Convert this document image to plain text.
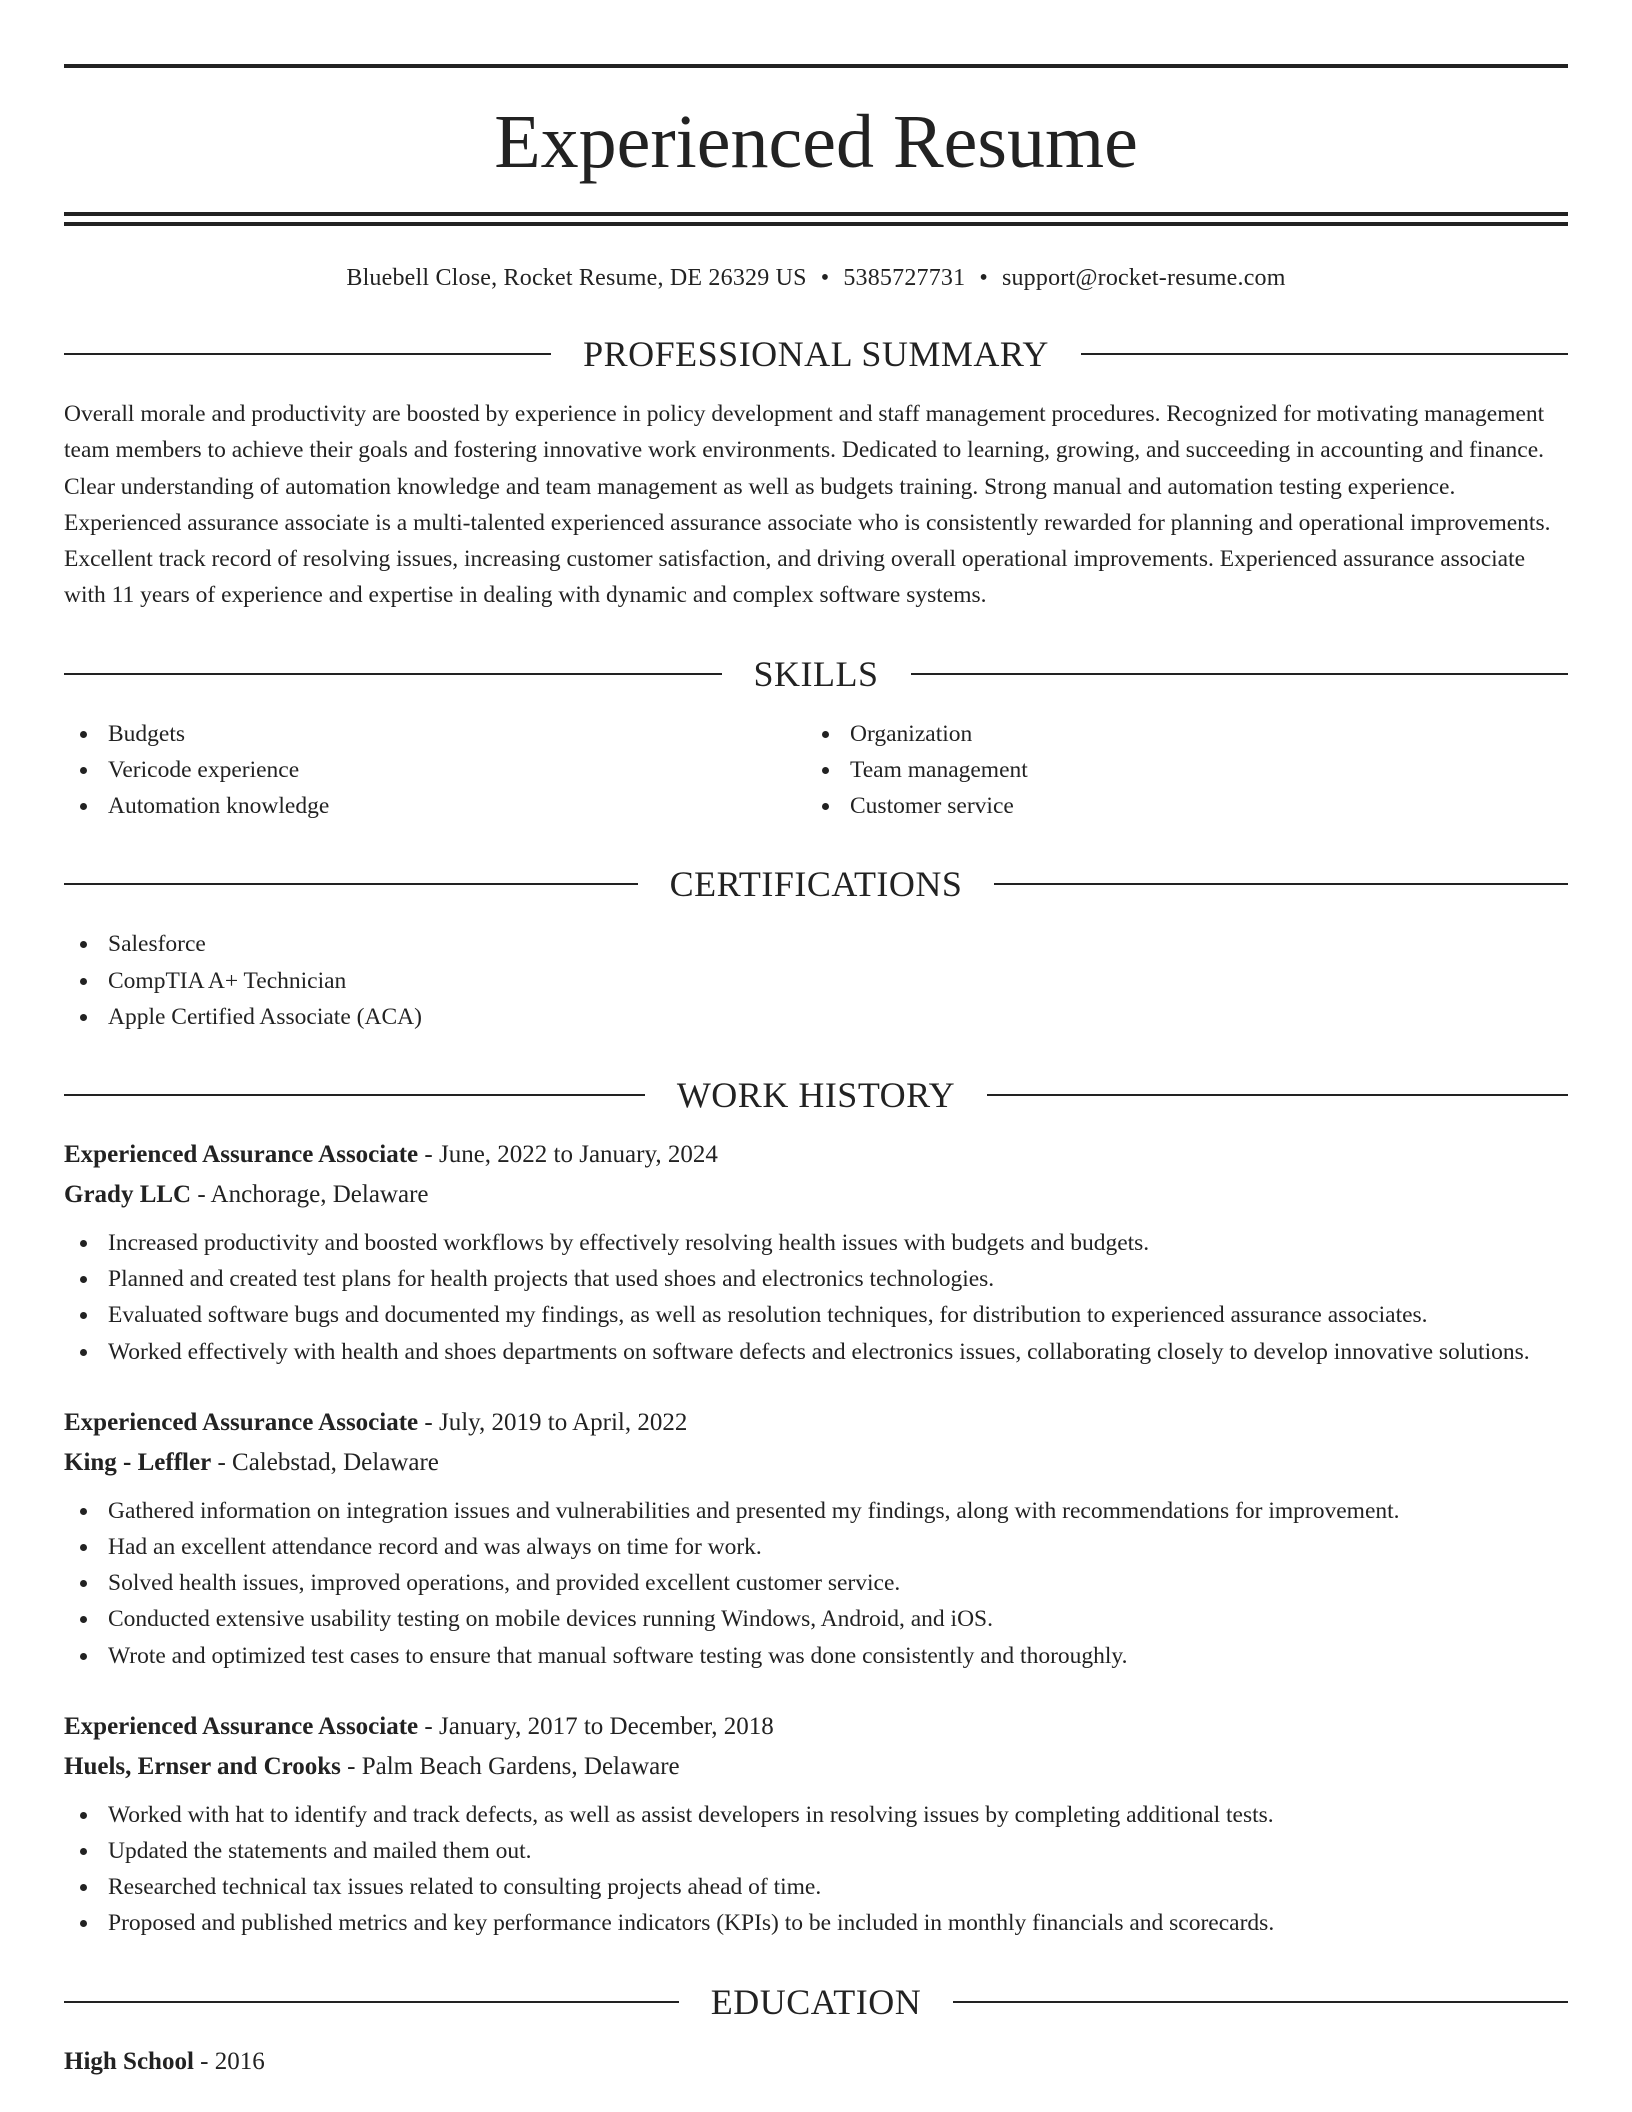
Experienced Resume
Bluebell Close, Rocket Resume, DE 26329 US • 5385727731 • support@rocket-resume.com
PROFESSIONAL SUMMARY

Overall morale and productivity are boosted by experience in policy development and staff management procedures. Recognized for motivating management team members to achieve their goals and fostering innovative work environments. Dedicated to learning, growing, and succeeding in accounting and finance. Clear understanding of automation knowledge and team management as well as budgets training. Strong manual and automation testing experience. Experienced assurance associate is a multi-talented experienced assurance associate who is consistently rewarded for planning and operational improvements. Excellent track record of resolving issues, increasing customer satisfaction, and driving overall operational improvements. Experienced assurance associate with 11 years of experience and expertise in dealing with dynamic and complex software systems.

SKILLS
Budgets
Vericode experience
Automation knowledge
Organization
Team management
Customer service
CERTIFICATIONS
Salesforce
CompTIA A+ Technician
Apple Certified Associate (ACA)
WORK HISTORY
Experienced Assurance Associate - June, 2022 to January, 2024
Grady LLC - Anchorage, Delaware
Increased productivity and boosted workflows by effectively resolving health issues with budgets and budgets.
Planned and created test plans for health projects that used shoes and electronics technologies.
Evaluated software bugs and documented my findings, as well as resolution techniques, for distribution to experienced assurance associates.
Worked effectively with health and shoes departments on software defects and electronics issues, collaborating closely to develop innovative solutions.
Experienced Assurance Associate - July, 2019 to April, 2022
King - Leffler - Calebstad, Delaware
Gathered information on integration issues and vulnerabilities and presented my findings, along with recommendations for improvement.
Had an excellent attendance record and was always on time for work.
Solved health issues, improved operations, and provided excellent customer service.
Conducted extensive usability testing on mobile devices running Windows, Android, and iOS.
Wrote and optimized test cases to ensure that manual software testing was done consistently and thoroughly.
Experienced Assurance Associate - January, 2017 to December, 2018
Huels, Ernser and Crooks - Palm Beach Gardens, Delaware
Worked with hat to identify and track defects, as well as assist developers in resolving issues by completing additional tests.
Updated the statements and mailed them out.
Researched technical tax issues related to consulting projects ahead of time.
Proposed and published metrics and key performance indicators (KPIs) to be included in monthly financials and scorecards.
EDUCATION
High School - 2016
